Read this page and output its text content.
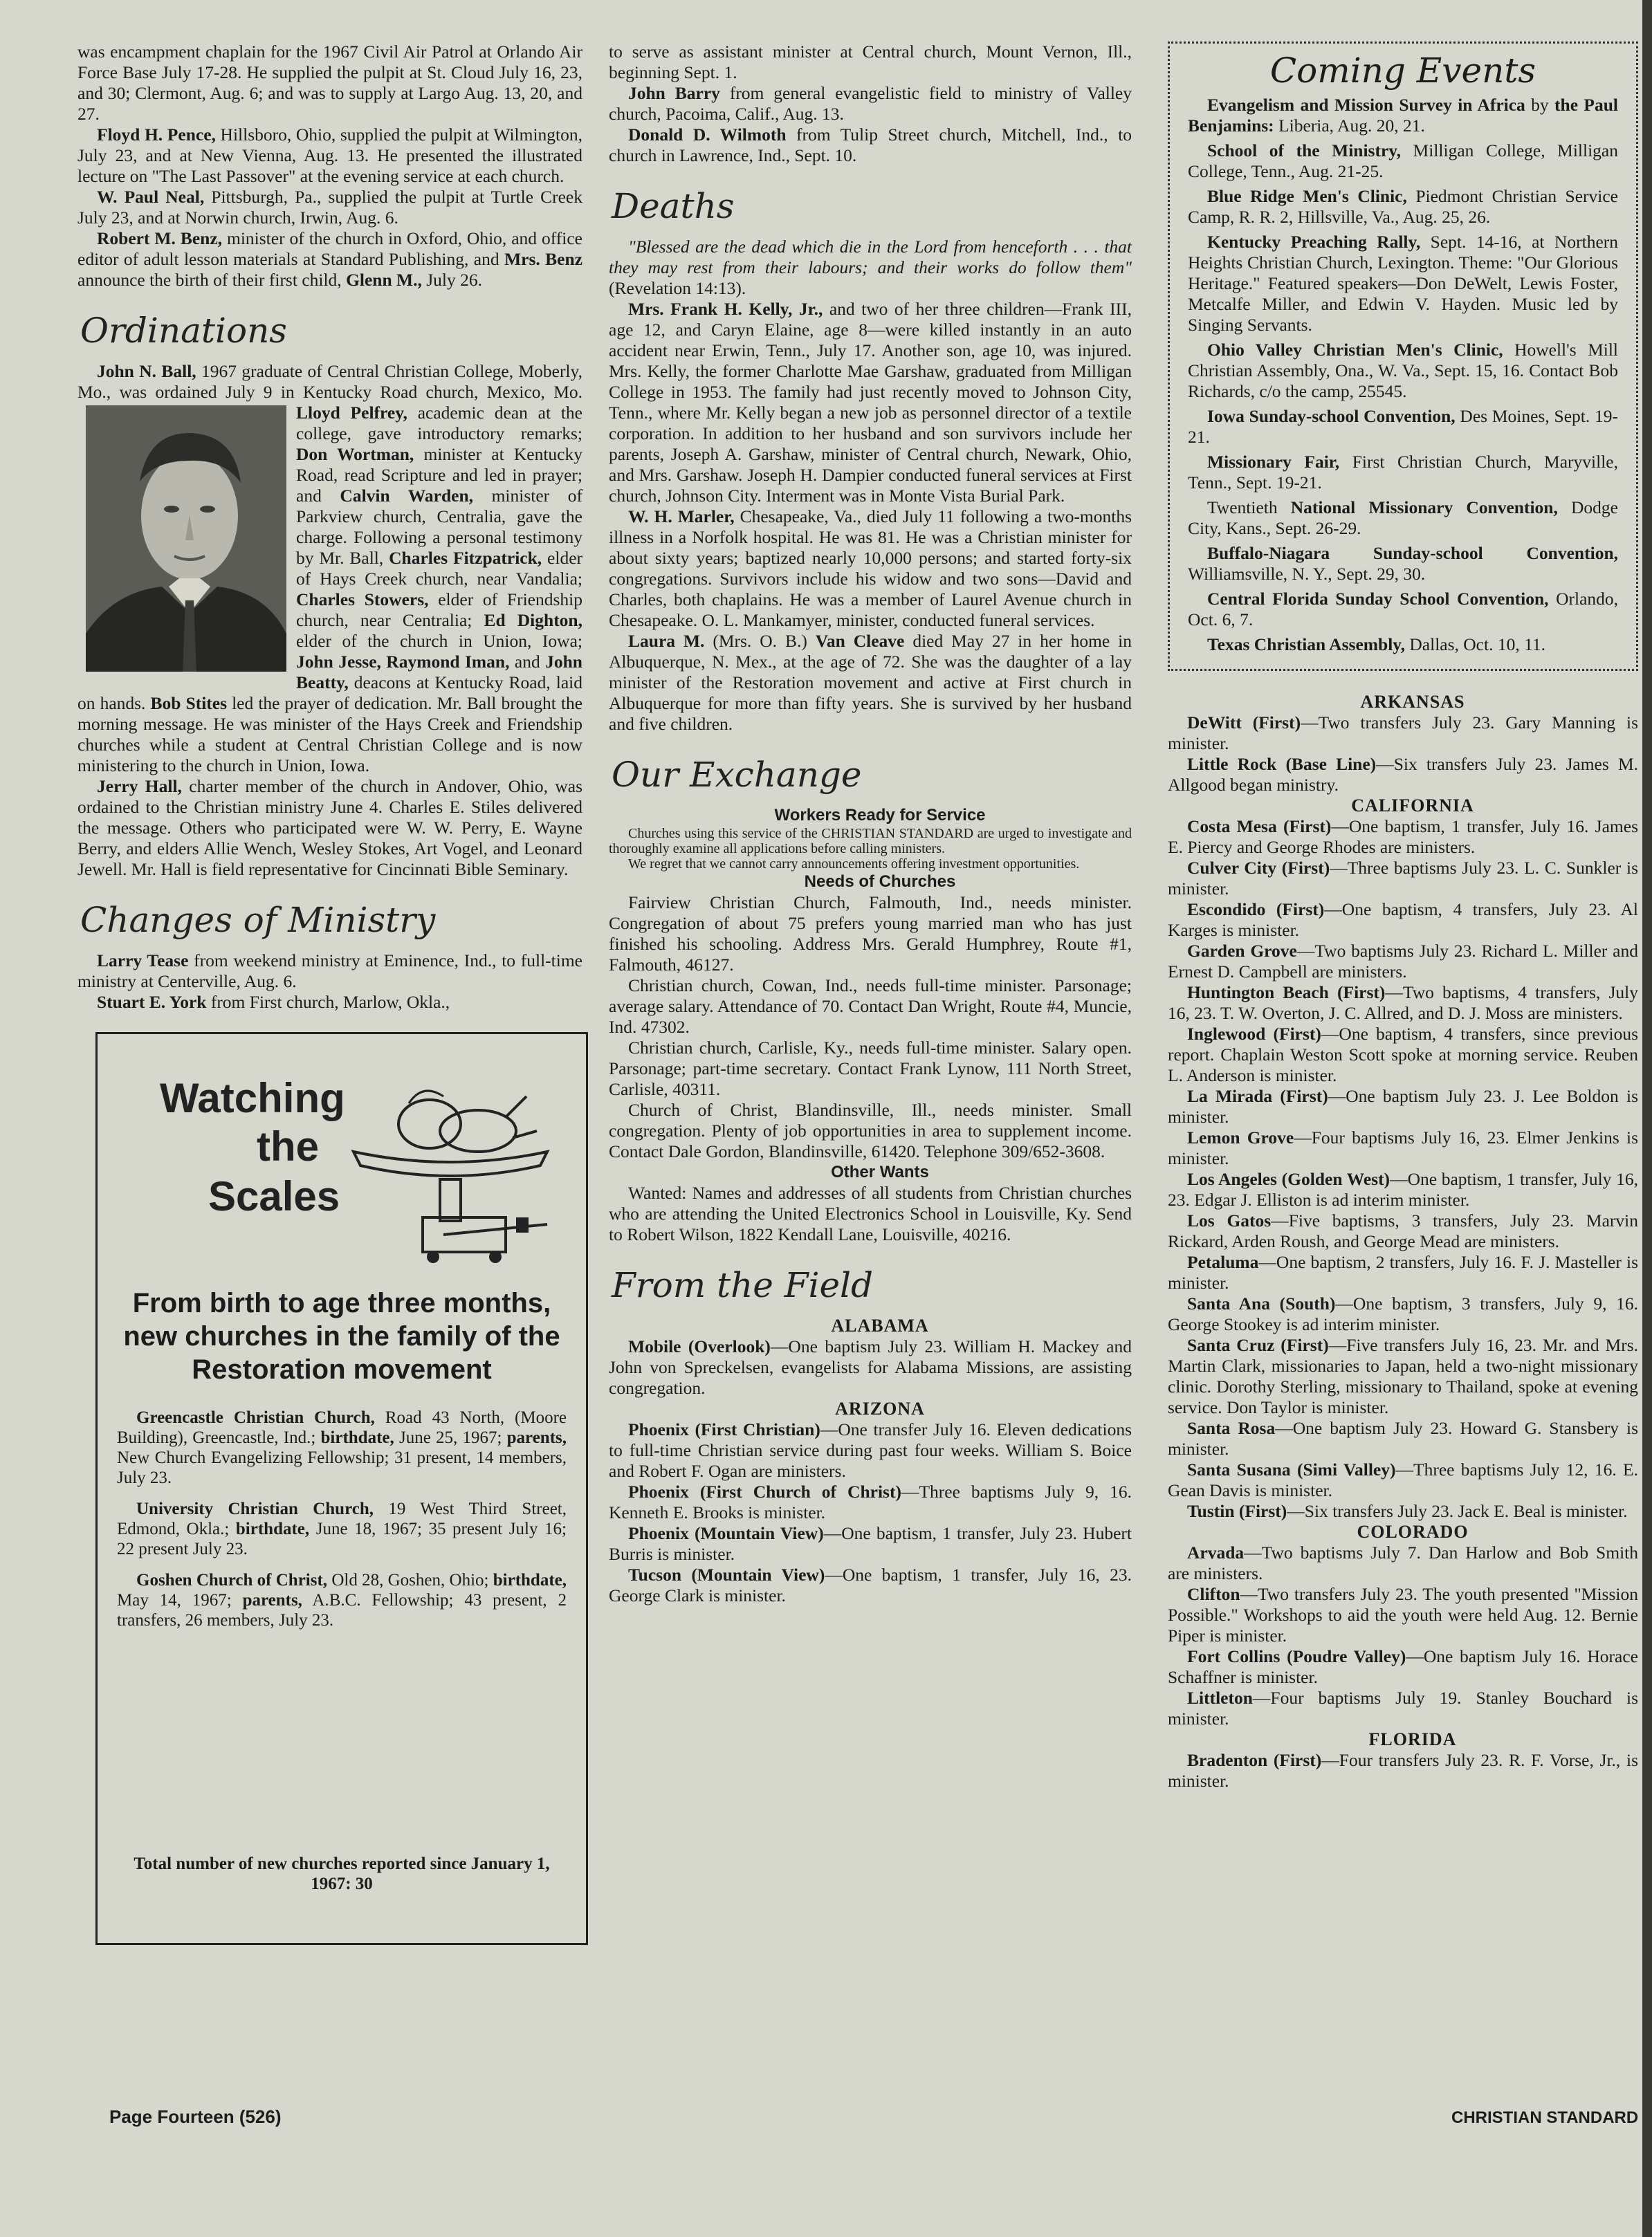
was encampment chaplain for the 1967 Civil Air Patrol at Orlando Air Force Base July 17-28. He supplied the pulpit at St. Cloud July 16, 23, and 30; Clermont, Aug. 6; and was to supply at Largo Aug. 13, 20, and 27.

Floyd H. Pence, Hillsboro, Ohio, supplied the pulpit at Wilmington, July 23, and at New Vienna, Aug. 13. He presented the illustrated lecture on "The Last Passover" at the evening service at each church.

W. Paul Neal, Pittsburgh, Pa., supplied the pulpit at Turtle Creek July 23, and at Norwin church, Irwin, Aug. 6.

Robert M. Benz, minister of the church in Oxford, Ohio, and office editor of adult lesson materials at Standard Publishing, and Mrs. Benz announce the birth of their first child, Glenn M., July 26.

Ordinations

John N. Ball, 1967 graduate of Central Christian College, Moberly, Mo., was ordained July 9 in Kentucky Road church, Mexico, Mo. Lloyd Pelfrey,
academic dean at the college, gave introductory remarks; Don Wortman, minister at Kentucky Road, read Scripture and led in prayer; and Calvin Warden, minister of Parkview church, Centralia, gave the charge. Following a personal testimony by Mr. Ball, Charles Fitzpatrick, elder of Hays Creek church, near Vandalia; Charles Stowers, elder of Friendship church, near Centralia; Ed Dighton, elder of the church in Union, Iowa; John Jesse, Raymond Iman, and John Beatty, deacons at Kentucky Road, laid on hands. Bob Stites led the prayer of dedication. Mr. Ball brought the morning message. He was minister of the Hays Creek and Friendship churches while a student at Central Christian College and is now ministering to the church in Union, Iowa.

Jerry Hall, charter member of the church in Andover, Ohio, was ordained to the Christian ministry June 4. Charles E. Stiles delivered the message. Others who participated were W. W. Perry, E. Wayne Berry, and elders Allie Wench, Wesley Stokes, Art Vogel, and Leonard Jewell. Mr. Hall is field representative for Cincinnati Bible Seminary.

Changes of Ministry

Larry Tease from weekend ministry at Eminence, Ind., to full-time ministry at Centerville, Aug. 6.

Stuart E. York from First church, Marlow, Okla.,

Watching
the
Scales
From birth to age three months, new churches in the family of the Restoration movement

Greencastle Christian Church, Road 43 North, (Moore Building), Greencastle, Ind.; birthdate, June 25, 1967; parents, New Church Evangelizing Fellowship; 31 present, 14 members, July 23.

University Christian Church, 19 West Third Street, Edmond, Okla.; birthdate, June 18, 1967; 35 present July 16; 22 present July 23.

Goshen Church of Christ, Old 28, Goshen, Ohio; birthdate, May 14, 1967; parents, A.B.C. Fellowship; 43 present, 2 transfers, 26 members, July 23.

Total number of new churches reported since January 1, 1967: 30

to serve as assistant minister at Central church, Mount Vernon, Ill., beginning Sept. 1.

John Barry from general evangelistic field to ministry of Valley church, Pacoima, Calif., Aug. 13.

Donald D. Wilmoth from Tulip Street church, Mitchell, Ind., to church in Lawrence, Ind., Sept. 10.

Deaths

"Blessed are the dead which die in the Lord from henceforth . . . that they may rest from their labours; and their works do follow them" (Revelation 14:13).

Mrs. Frank H. Kelly, Jr., and two of her three children—Frank III, age 12, and Caryn Elaine, age 8—were killed instantly in an auto accident near Erwin, Tenn., July 17. Another son, age 10, was injured. Mrs. Kelly, the former Charlotte Mae Garshaw, graduated from Milligan College in 1953. The family had just recently moved to Johnson City, Tenn., where Mr. Kelly began a new job as personnel director of a textile corporation. In addition to her husband and son survivors include her parents, Joseph A. Garshaw, minister of Central church, Newark, Ohio, and Mrs. Garshaw. Joseph H. Dampier conducted funeral services at First church, Johnson City. Interment was in Monte Vista Burial Park.

W. H. Marler, Chesapeake, Va., died July 11 following a two-months illness in a Norfolk hospital. He was 81. He was a Christian minister for about sixty years; baptized nearly 10,000 persons; and started forty-six congregations. Survivors include his widow and two sons—David and Charles, both chaplains. He was a member of Laurel Avenue church in Chesapeake. O. L. Mankamyer, minister, conducted funeral services.

Laura M. (Mrs. O. B.) Van Cleave died May 27 in her home in Albuquerque, N. Mex., at the age of 72. She was the daughter of a lay minister of the Restoration movement and active at First church in Albuquerque for more than fifty years. She is survived by her husband and five children.

Our Exchange

Workers Ready for Service

Churches using this service of the CHRISTIAN STANDARD are urged to investigate and thoroughly examine all applications before calling ministers.

We regret that we cannot carry announcements offering investment opportunities.

Needs of Churches

Fairview Christian Church, Falmouth, Ind., needs minister. Congregation of about 75 prefers young married man who has just finished his schooling. Address Mrs. Gerald Humphrey, Route #1, Falmouth, 46127.

Christian church, Cowan, Ind., needs full-time minister. Parsonage; average salary. Attendance of 70. Contact Dan Wright, Route #4, Muncie, Ind. 47302.

Christian church, Carlisle, Ky., needs full-time minister. Salary open. Parsonage; part-time secretary. Contact Frank Lynow, 111 North Street, Carlisle, 40311.

Church of Christ, Blandinsville, Ill., needs minister. Small congregation. Plenty of job opportunities in area to supplement income. Contact Dale Gordon, Blandinsville, 61420. Telephone 309/652-3608.

Other Wants

Wanted: Names and addresses of all students from Christian churches who are attending the United Electronics School in Louisville, Ky. Send to Robert Wilson, 1822 Kendall Lane, Louisville, 40216.

From the Field

ALABAMA

Mobile (Overlook)—One baptism July 23. William H. Mackey and John von Spreckelsen, evangelists for Alabama Missions, are assisting congregation.

ARIZONA

Phoenix (First Christian)—One transfer July 16. Eleven dedications to full-time Christian service during past four weeks. William S. Boice and Robert F. Ogan are ministers.

Phoenix (First Church of Christ)—Three baptisms July 9, 16. Kenneth E. Brooks is minister.

Phoenix (Mountain View)—One baptism, 1 transfer, July 23. Hubert Burris is minister.

Tucson (Mountain View)—One baptism, 1 transfer, July 16, 23. George Clark is minister.

Coming Events

Evangelism and Mission Survey in Africa by the Paul Benjamins: Liberia, Aug. 20, 21.

School of the Ministry, Milligan College, Milligan College, Tenn., Aug. 21-25.

Blue Ridge Men's Clinic, Piedmont Christian Service Camp, R. R. 2, Hillsville, Va., Aug. 25, 26.

Kentucky Preaching Rally, Sept. 14-16, at Northern Heights Christian Church, Lexington. Theme: "Our Glorious Heritage." Featured speakers—Don DeWelt, Lewis Foster, Metcalfe Miller, and Edwin V. Hayden. Music led by Singing Servants.

Ohio Valley Christian Men's Clinic, Howell's Mill Christian Assembly, Ona., W. Va., Sept. 15, 16. Contact Bob Richards, c/o the camp, 25545.

Iowa Sunday-school Convention, Des Moines, Sept. 19-21.

Missionary Fair, First Christian Church, Maryville, Tenn., Sept. 19-21.

Twentieth National Missionary Convention, Dodge City, Kans., Sept. 26-29.

Buffalo-Niagara Sunday-school Convention, Williamsville, N. Y., Sept. 29, 30.

Central Florida Sunday School Convention, Orlando, Oct. 6, 7.

Texas Christian Assembly, Dallas, Oct. 10, 11.

ARKANSAS

DeWitt (First)—Two transfers July 23. Gary Manning is minister.

Little Rock (Base Line)—Six transfers July 23. James M. Allgood began ministry.

CALIFORNIA

Costa Mesa (First)—One baptism, 1 transfer, July 16. James E. Piercy and George Rhodes are ministers.

Culver City (First)—Three baptisms July 23. L. C. Sunkler is minister.

Escondido (First)—One baptism, 4 transfers, July 23. Al Karges is minister.

Garden Grove—Two baptisms July 23. Richard L. Miller and Ernest D. Campbell are ministers.

Huntington Beach (First)—Two baptisms, 4 transfers, July 16, 23. T. W. Overton, J. C. Allred, and D. J. Moss are ministers.

Inglewood (First)—One baptism, 4 transfers, since previous report. Chaplain Weston Scott spoke at morning service. Reuben L. Anderson is minister.

La Mirada (First)—One baptism July 23. J. Lee Boldon is minister.

Lemon Grove—Four baptisms July 16, 23. Elmer Jenkins is minister.

Los Angeles (Golden West)—One baptism, 1 transfer, July 16, 23. Edgar J. Elliston is ad interim minister.

Los Gatos—Five baptisms, 3 transfers, July 23. Marvin Rickard, Arden Roush, and George Mead are ministers.

Petaluma—One baptism, 2 transfers, July 16. F. J. Masteller is minister.

Santa Ana (South)—One baptism, 3 transfers, July 9, 16. George Stookey is ad interim minister.

Santa Cruz (First)—Five transfers July 16, 23. Mr. and Mrs. Martin Clark, missionaries to Japan, held a two-night missionary clinic. Dorothy Sterling, missionary to Thailand, spoke at evening service. Don Taylor is minister.

Santa Rosa—One baptism July 23. Howard G. Stansbery is minister.

Santa Susana (Simi Valley)—Three baptisms July 12, 16. E. Gean Davis is minister.

Tustin (First)—Six transfers July 23. Jack E. Beal is minister.

COLORADO

Arvada—Two baptisms July 7. Dan Harlow and Bob Smith are ministers.

Clifton—Two transfers July 23. The youth presented "Mission Possible." Workshops to aid the youth were held Aug. 12. Bernie Piper is minister.

Fort Collins (Poudre Valley)—One baptism July 16. Horace Schaffner is minister.

Littleton—Four baptisms July 19. Stanley Bouchard is minister.

FLORIDA

Bradenton (First)—Four transfers July 23. R. F. Vorse, Jr., is minister.

Page Fourteen (526)	CHRISTIAN STANDARD
